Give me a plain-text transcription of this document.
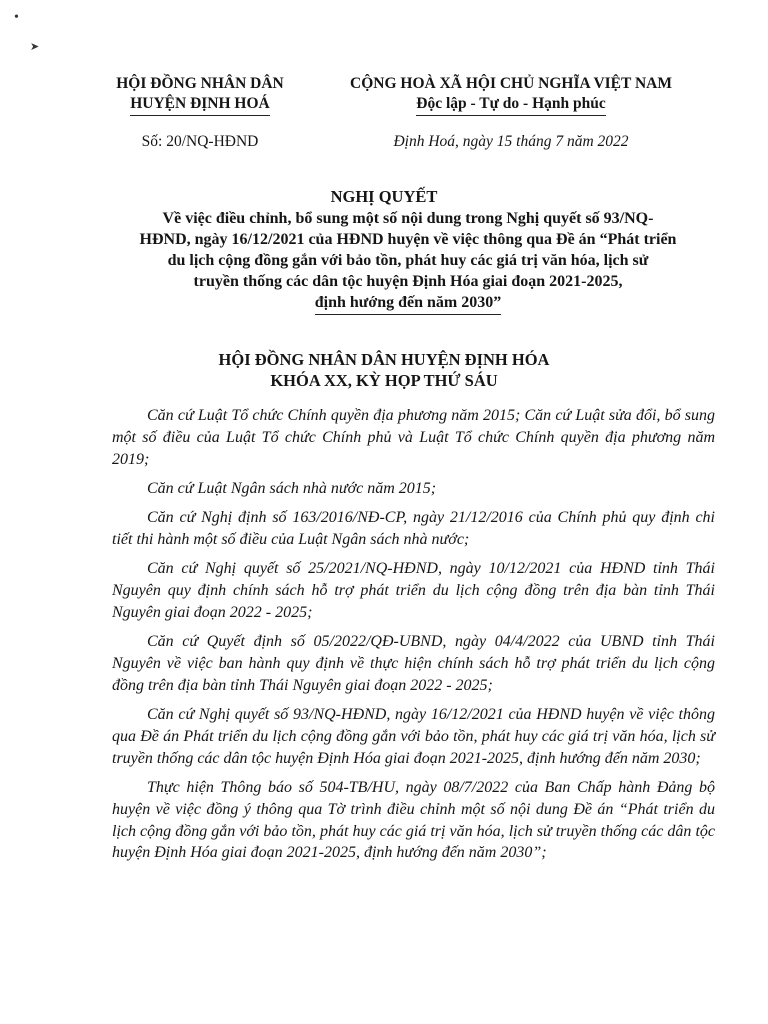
•
➤
HỘI ĐỒNG NHÂN DÂN
HUYỆN ĐỊNH HOÁ
CỘNG HOÀ XÃ HỘI CHỦ NGHĨA VIỆT NAM
Độc lập - Tự do - Hạnh phúc
Số: 20/NQ-HĐND	Định Hoá, ngày 15 tháng 7 năm 2022
NGHỊ QUYẾT
Về việc điều chỉnh, bổ sung một số nội dung trong Nghị quyết số 93/NQ-
HĐND, ngày 16/12/2021 của HĐND huyện về việc thông qua Đề án “Phát triển
du lịch cộng đồng gắn với bảo tồn, phát huy các giá trị văn hóa, lịch sử
truyền thống các dân tộc huyện Định Hóa giai đoạn 2021-2025,
định hướng đến năm 2030”
HỘI ĐỒNG NHÂN DÂN HUYỆN ĐỊNH HÓA
KHÓA XX, KỲ HỌP THỨ SÁU

Căn cứ Luật Tổ chức Chính quyền địa phương năm 2015; Căn cứ Luật sửa đổi, bổ sung một số điều của Luật Tổ chức Chính phủ và Luật Tổ chức Chính quyền địa phương năm 2019;

Căn cứ Luật Ngân sách nhà nước năm 2015;

Căn cứ Nghị định số 163/2016/NĐ-CP, ngày 21/12/2016 của Chính phủ quy định chi tiết thi hành một số điều của Luật Ngân sách nhà nước;

Căn cứ Nghị quyết số 25/2021/NQ-HĐND, ngày 10/12/2021 của HĐND tỉnh Thái Nguyên quy định chính sách hỗ trợ phát triển du lịch cộng đồng trên địa bàn tỉnh Thái Nguyên giai đoạn 2022 - 2025;

Căn cứ Quyết định số 05/2022/QĐ-UBND, ngày 04/4/2022 của UBND tỉnh Thái Nguyên về việc ban hành quy định về thực hiện chính sách hỗ trợ phát triển du lịch cộng đồng trên địa bàn tỉnh Thái Nguyên giai đoạn 2022 - 2025;

Căn cứ Nghị quyết số 93/NQ-HĐND, ngày 16/12/2021 của HĐND huyện về việc thông qua Đề án Phát triển du lịch cộng đồng gắn với bảo tồn, phát huy các giá trị văn hóa, lịch sử truyền thống các dân tộc huyện Định Hóa giai đoạn 2021-2025, định hướng đến năm 2030;

Thực hiện Thông báo số 504-TB/HU, ngày 08/7/2022 của Ban Chấp hành Đảng bộ huyện về việc đồng ý thông qua Tờ trình điều chỉnh một số nội dung Đề án “Phát triển du lịch cộng đồng gắn với bảo tồn, phát huy các giá trị văn hóa, lịch sử truyền thống các dân tộc huyện Định Hóa giai đoạn 2021-2025, định hướng đến năm 2030”;
